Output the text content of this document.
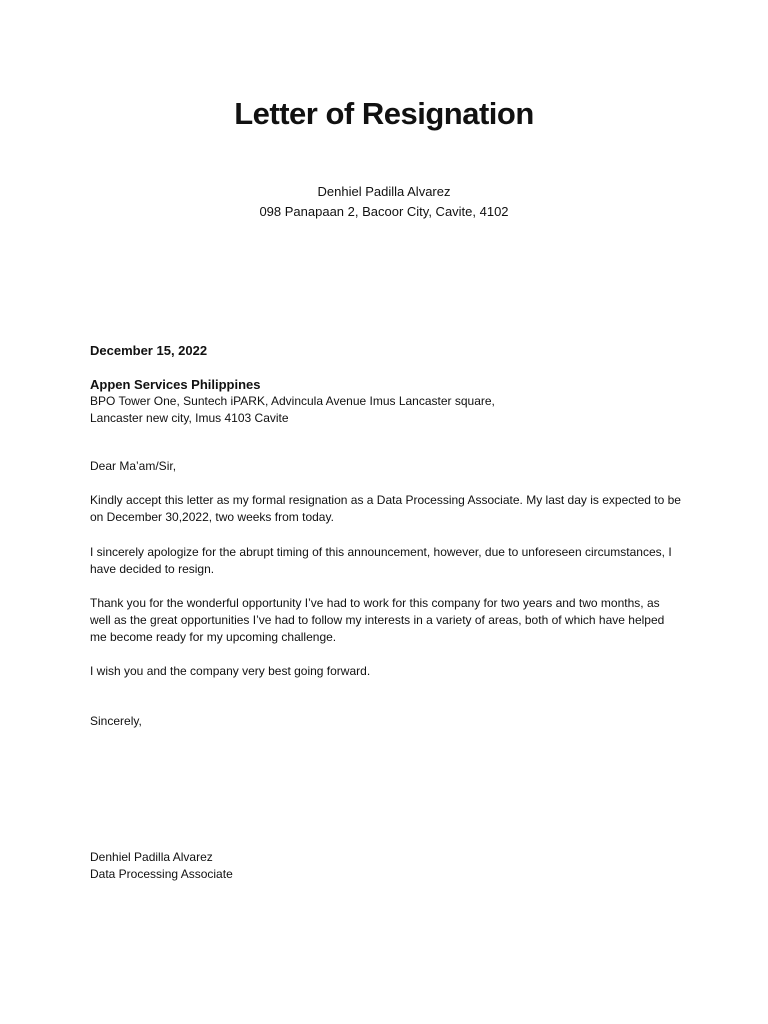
Letter of Resignation
Denhiel Padilla Alvarez
098 Panapaan 2, Bacoor City, Cavite, 4102
December 15, 2022
Appen Services Philippines
BPO Tower One, Suntech iPARK, Advincula Avenue Imus Lancaster square,
Lancaster new city, Imus 4103 Cavite
Dear Ma’am/Sir,
Kindly accept this letter as my formal resignation as a Data Processing Associate. My last day is expected to be on December 30,2022, two weeks from today.
I sincerely apologize for the abrupt timing of this announcement, however, due to unforeseen circumstances, I have decided to resign.
Thank you for the wonderful opportunity I’ve had to work for this company for two years and two months, as well as the great opportunities I’ve had to follow my interests in a variety of areas, both of which have helped me become ready for my upcoming challenge.
I wish you and the company very best going forward.
Sincerely,
Denhiel Padilla Alvarez
Data Processing Associate
